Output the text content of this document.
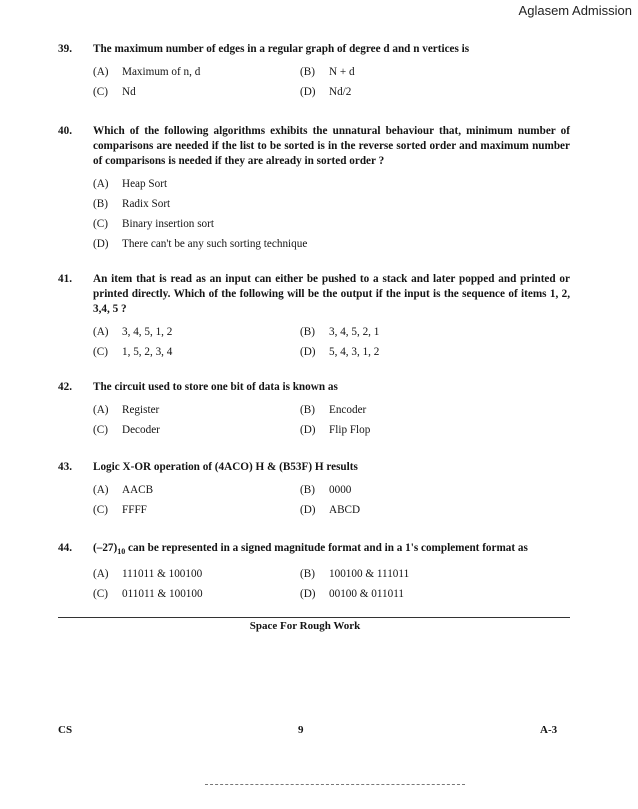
Aglasem Admission
39.	The maximum number of edges in a regular graph of degree d and n vertices is
(A)	Maximum of n, d	(B)	N + d
(C)	Nd	(D)	Nd/2
40.	Which of the following algorithms exhibits the unnatural behaviour that, minimum number of comparisons are needed if the list to be sorted is in the reverse sorted order and maximum number of comparisons is needed if they are already in sorted order ?
(A)	Heap Sort
(B)	Radix Sort
(C)	Binary insertion sort
(D)	There can't be any such sorting technique
41.	An item that is read as an input can either be pushed to a stack and later popped and printed or printed directly. Which of the following will be the output if the input is the sequence of items 1, 2, 3,4, 5 ?
(A)	3, 4, 5, 1, 2	(B)	3, 4, 5, 2, 1
(C)	1, 5, 2, 3, 4	(D)	5, 4, 3, 1, 2
42.	The circuit used to store one bit of data is known as
(A)	Register	(B)	Encoder
(C)	Decoder	(D)	Flip Flop
43.	Logic X-OR operation of (4ACO) H & (B53F) H results
(A)	AACB	(B)	0000
(C)	FFFF	(D)	ABCD
44.	$(-27)_{10}$ can be represented in a signed magnitude format and in a 1's complement format as
(A)	111011 & 100100	(B)	100100 & 111011
(C)	011011 & 100100	(D)	00100 & 011011
Space For Rough Work
CS	9	A-3
